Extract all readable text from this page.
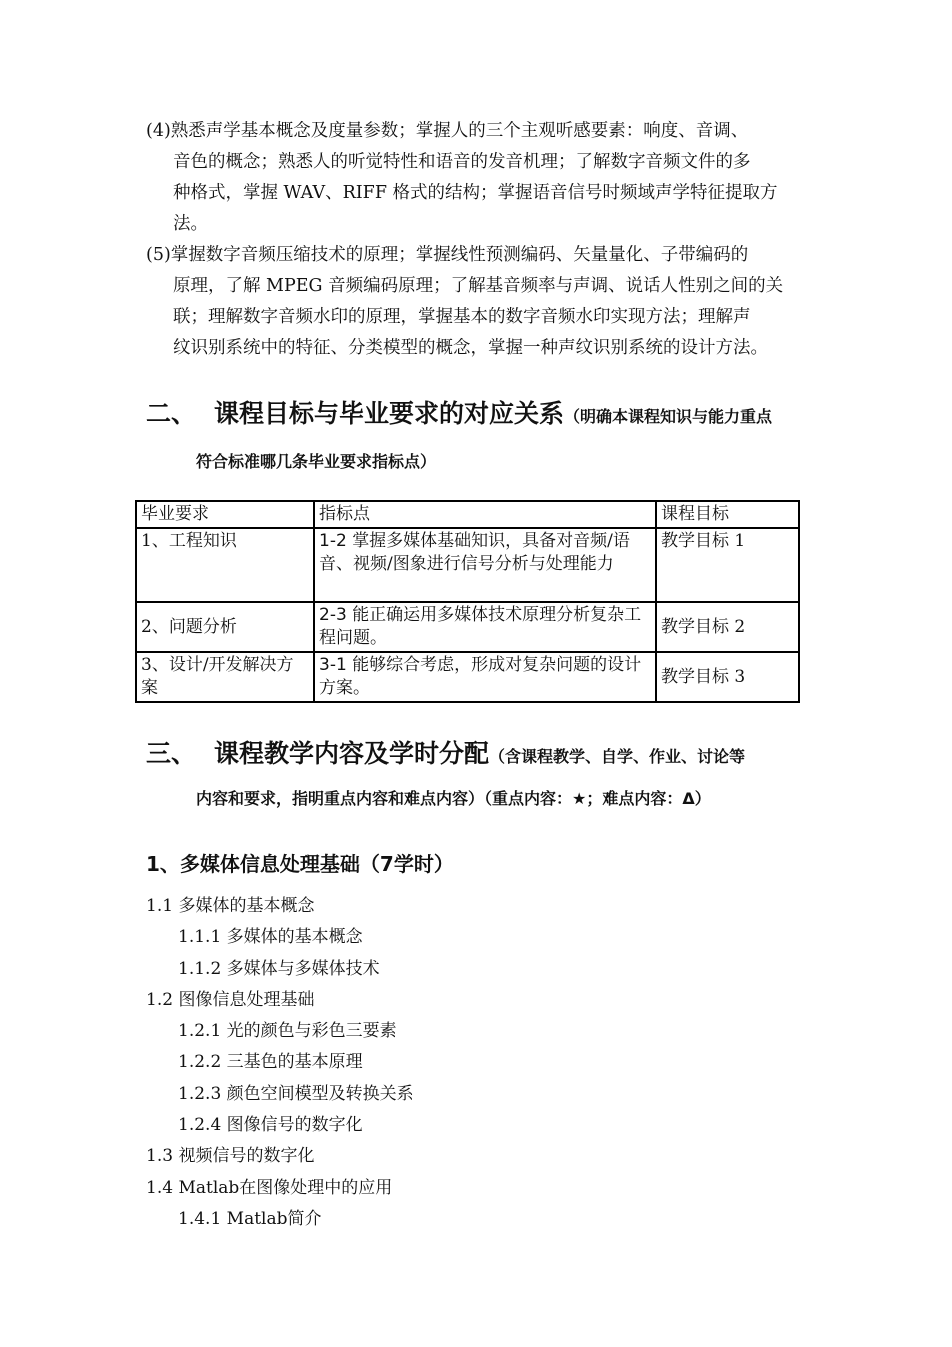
(4)熟悉声学基本概念及度量参数；掌握人的三个主观听感要素：响度、音调、
音色的概念；熟悉人的听觉特性和语音的发音机理；了解数字音频文件的多
种格式，掌握 WAV、RIFF 格式的结构；掌握语音信号时频域声学特征提取方
法。
(5)掌握数字音频压缩技术的原理；掌握线性预测编码、矢量量化、子带编码的
原理，了解 MPEG 音频编码原理；了解基音频率与声调、说话人性别之间的关
联；理解数字音频水印的原理，掌握基本的数字音频水印实现方法；理解声
纹识别系统中的特征、分类模型的概念，掌握一种声纹识别系统的设计方法。
二、 课程目标与毕业要求的对应关系（明确本课程知识与能力重点
符合标准哪几条毕业要求指标点）
毕业要求	指标点	课程目标
1、工程知识	1-2 掌握多媒体基础知识，具备对音频/语音、视频/图象进行信号分析与处理能力	教学目标 1
2、问题分析	2-3 能正确运用多媒体技术原理分析复杂工程问题。	教学目标 2
3、设计/开发解决方案	3-1 能够综合考虑，形成对复杂问题的设计方案。	教学目标 3
三、 课程教学内容及学时分配（含课程教学、自学、作业、讨论等
内容和要求，指明重点内容和难点内容）（重点内容：★；难点内容：Δ）
1、多媒体信息处理基础（7学时）
1.1 多媒体的基本概念
1.1.1 多媒体的基本概念
1.1.2 多媒体与多媒体技术
1.2 图像信息处理基础
1.2.1 光的颜色与彩色三要素
1.2.2 三基色的基本原理
1.2.3 颜色空间模型及转换关系
1.2.4 图像信号的数字化
1.3 视频信号的数字化
1.4 Matlab在图像处理中的应用
1.4.1 Matlab简介
